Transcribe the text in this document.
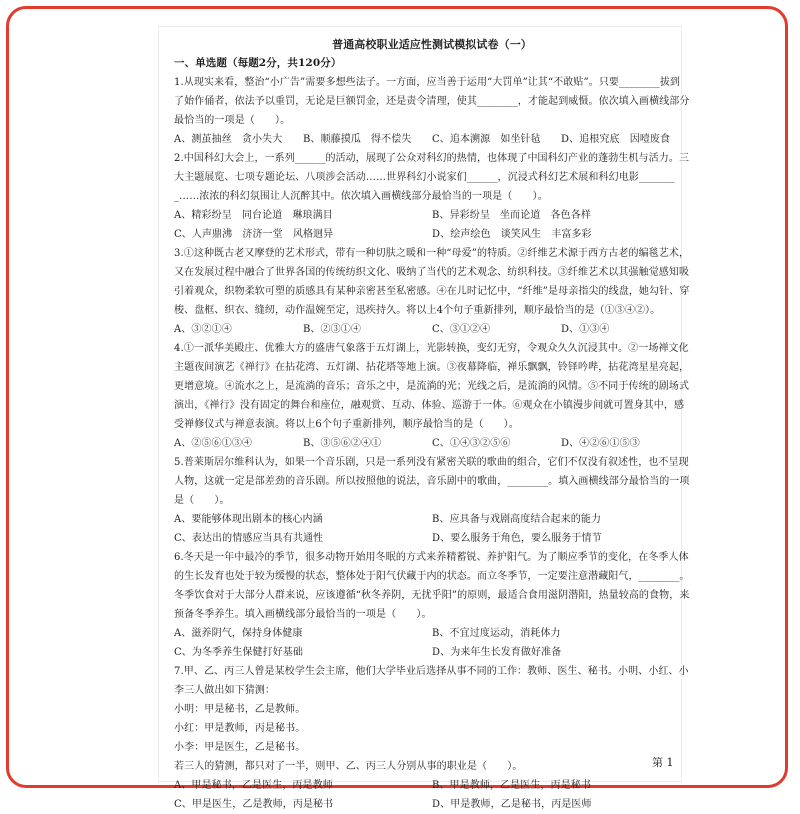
普通高校职业适应性测试模拟试卷（一）
一、单选题（每题2分，共120分）
1.从现实来看，整治“小广告”需要多想些法子。一方面，应当善于运用“大罚单”让其“不敢贴”。只要________拔到了始作俑者，依法予以重罚，无论是巨额罚金，还是责令清理，使其________，才能起到威慑。依次填入画横线部分最恰当的一项是（　　）。
A、测茧抽丝　贪小失大	B、顺藤摸瓜　得不偿失	C、追本溯源　如坐针毡	D、追根究底　因噎废食
2.中国科幻大会上，一系列______的活动，展现了公众对科幻的热情，也体现了中国科幻产业的蓬勃生机与活力。三大主题展览、七项专题论坛、八项涉会活动……世界科幻小说家们______，沉浸式科幻艺术展和科幻电影________……浓浓的科幻氛围让人沉醉其中。依次填入画横线部分最恰当的一项是（　　）。
A、精彩纷呈　同台论道　琳琅满目	B、异彩纷呈　坐而论道　各色各样
C、人声鼎沸　济济一堂　风格迥异	D、绘声绘色　谈笑风生　丰富多彩
3.①这种既古老又摩登的艺术形式，带有一种切肤之暖和一种“母爱”的特质。②纤维艺术源于西方古老的编毯艺术，又在发展过程中融合了世界各国的传统纺织文化、吸纳了当代的艺术观念、纺织科技。③纤维艺术以其强触觉感知吸引着观众，织物柔软可塑的质感具有某种亲密甚至私密感。④在儿时记忆中，“纤维”是母亲指尖的线盘，她勾针、穿梭、盘框、织衣、缝纫，动作温婉至定，迅疾持久。将以上4个句子重新排列，顺序最恰当的是（①③④②）。
A、③②①④	B、②③①④	C、③①②④	D、①③④
4.①一派华美殿庄、优雅大方的盛唐气象落于五灯湖上，光影转换，变幻无穷，令观众久久沉浸其中。②一场禅文化主题夜间演艺《禅行》在拈花湾、五灯湖、拈花塔等地上演。③夜幕降临，禅乐飘飘，铃铎吟哔，拈花湾星星亮起，更增意境。④流水之上，是流淌的音乐；音乐之中，是流淌的光；光线之后，是流淌的风情。⑤不同于传统的剧场式演出，《禅行》没有固定的舞台和座位，融观赏、互动、体验、巡游于一体。⑥观众在小镇漫步间就可置身其中，感受禅修仪式与禅意表演。将以上6个句子重新排列，顺序最恰当的是（　　）。
A、②⑤⑥①③④	B、③⑤⑥②④①	C、①④③②⑤⑥	D、④②⑥①⑤③
5.普莱斯居尔维科认为，如果一个音乐剧，只是一系列没有紧密关联的歌曲的组合，它们不仅没有叙述性，也不呈现人物，这就一定是部差劲的音乐剧。所以按照他的说法，音乐剧中的歌曲，________。填入画横线部分最恰当的一项是（　　）。
A、要能够体现出剧本的核心内涵	B、应具备与戏剧高度结合起来的能力
C、表达出的情感应当具有共通性	D、要么服务于角色，要么服务于情节
6.冬天是一年中最冷的季节，很多动物开始用冬眠的方式来养精蓄锐、养护阳气。为了顺应季节的变化，在冬季人体的生长发育也处于较为缓慢的状态，整体处于阳气伏藏于内的状态。而立冬季节，一定要注意潜藏阳气，________。冬季饮食对于大部分人群来说，应该遵循“秋冬养阴，无扰乎阳”的原则，最适合食用滋阴潜阳，热量较高的食物，来预备冬季养生。填入画横线部分最恰当的一项是（　　）。
A、滋养阴气，保持身体健康	B、不宜过度运动，消耗体力
C、为冬季养生保健打好基础	D、为来年生长发育做好准备
7.甲、乙、丙三人曾是某校学生会主席，他们大学毕业后选择从事不同的工作：教师、医生、秘书。小明、小红、小李三人做出如下猜测：
小明：甲是秘书，乙是教师。
小红：甲是教师，丙是秘书。
小李：甲是医生，乙是秘书。
若三人的猜测，都只对了一半，则甲、乙、丙三人分别从事的职业是（　　）。
A、甲是秘书，乙是医生，丙是教师	B、甲是教师，乙是医生，丙是秘书
C、甲是医生，乙是教师，丙是秘书	D、甲是教师，乙是秘书，丙是医师
第 1
